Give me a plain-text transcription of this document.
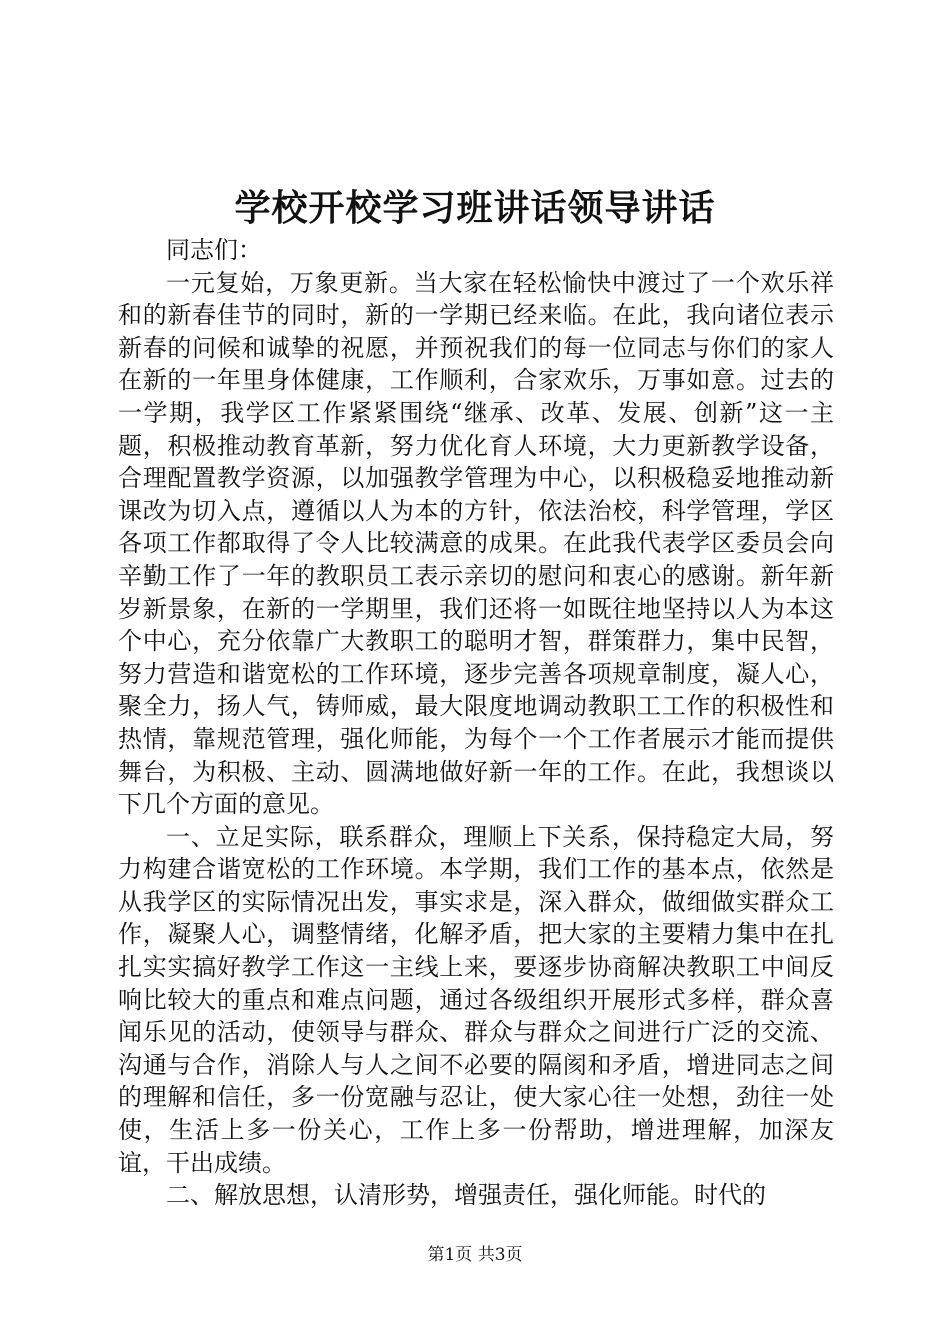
学校开校学习班讲话领导讲话

同志们：

一元复始，万象更新。当大家在轻松愉快中渡过了一个欢乐祥和的新春佳节的同时，新的一学期已经来临。在此，我向诸位表示新春的问候和诚挚的祝愿，并预祝我们的每一位同志与你们的家人在新的一年里身体健康，工作顺利，合家欢乐，万事如意。过去的一学期，我学区工作紧紧围绕“继承、改革、发展、创新”这一主题，积极推动教育革新，努力优化育人环境，大力更新教学设备，合理配置教学资源，以加强教学管理为中心，以积极稳妥地推动新课改为切入点，遵循以人为本的方针，依法治校，科学管理，学区各项工作都取得了令人比较满意的成果。在此我代表学区委员会向辛勤工作了一年的教职员工表示亲切的慰问和衷心的感谢。新年新岁新景象，在新的一学期里，我们还将一如既往地坚持以人为本这个中心，充分依靠广大教职工的聪明才智，群策群力，集中民智，努力营造和谐宽松的工作环境，逐步完善各项规章制度，凝人心，聚全力，扬人气，铸师威，最大限度地调动教职工工作的积极性和热情，靠规范管理，强化师能，为每个一个工作者展示才能而提供舞台，为积极、主动、圆满地做好新一年的工作。在此，我想谈以下几个方面的意见。

一、立足实际，联系群众，理顺上下关系，保持稳定大局，努力构建合谐宽松的工作环境。本学期，我们工作的基本点，依然是从我学区的实际情况出发，事实求是，深入群众，做细做实群众工作，凝聚人心，调整情绪，化解矛盾，把大家的主要精力集中在扎扎实实搞好教学工作这一主线上来，要逐步协商解决教职工中间反响比较大的重点和难点问题，通过各级组织开展形式多样，群众喜闻乐见的活动，使领导与群众、群众与群众之间进行广泛的交流、沟通与合作，消除人与人之间不必要的隔阂和矛盾，增进同志之间的理解和信任，多一份宽融与忍让，使大家心往一处想，劲往一处使，生活上多一份关心，工作上多一份帮助，增进理解，加深友谊，干出成绩。

二、解放思想，认清形势，增强责任，强化师能。时代的

第1页 共3页
